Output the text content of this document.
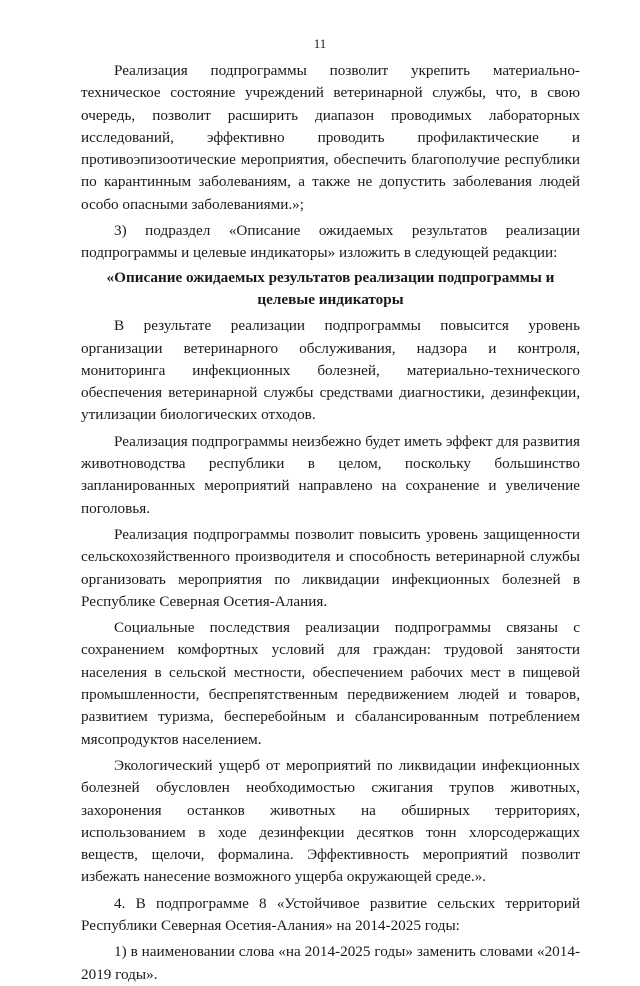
11

Реализация подпрограммы позволит укрепить материально-техническое состояние учреждений ветеринарной службы, что, в свою очередь, позволит расширить диапазон проводимых лабораторных исследований, эффективно проводить профилактические и противоэпизоотические мероприятия, обеспечить благополучие республики по карантинным заболеваниям, а также не допустить заболевания людей особо опасными заболеваниями.»;

3) подраздел «Описание ожидаемых результатов реализации подпрограммы и целевые индикаторы» изложить в следующей редакции:

«Описание ожидаемых результатов реализации подпрограммы и целевые индикаторы

В результате реализации подпрограммы повысится уровень организации ветеринарного обслуживания, надзора и контроля, мониторинга инфекционных болезней, материально-технического обеспечения ветеринарной службы средствами диагностики, дезинфекции, утилизации биологических отходов.

Реализация подпрограммы неизбежно будет иметь эффект для развития животноводства республики в целом, поскольку большинство запланированных мероприятий направлено на сохранение и увеличение поголовья.

Реализация подпрограммы позволит повысить уровень защищенности сельскохозяйственного производителя и способность ветеринарной службы организовать мероприятия по ликвидации инфекционных болезней в Республике Северная Осетия-Алания.

Социальные последствия реализации подпрограммы связаны с сохранением комфортных условий для граждан: трудовой занятости населения в сельской местности, обеспечением рабочих мест в пищевой промышленности, беспрепятственным передвижением людей и товаров, развитием туризма, бесперебойным и сбалансированным потреблением мясопродуктов населением.

Экологический ущерб от мероприятий по ликвидации инфекционных болезней обусловлен необходимостью сжигания трупов животных, захоронения останков животных на обширных территориях, использованием в ходе дезинфекции десятков тонн хлорсодержащих веществ, щелочи, формалина. Эффективность мероприятий позволит избежать нанесение возможного ущерба окружающей среде.».

4. В подпрограмме 8 «Устойчивое развитие сельских территорий Республики Северная Осетия-Алания» на 2014-2025 годы:

1) в наименовании слова «на 2014-2025 годы» заменить словами «2014-2019 годы».
